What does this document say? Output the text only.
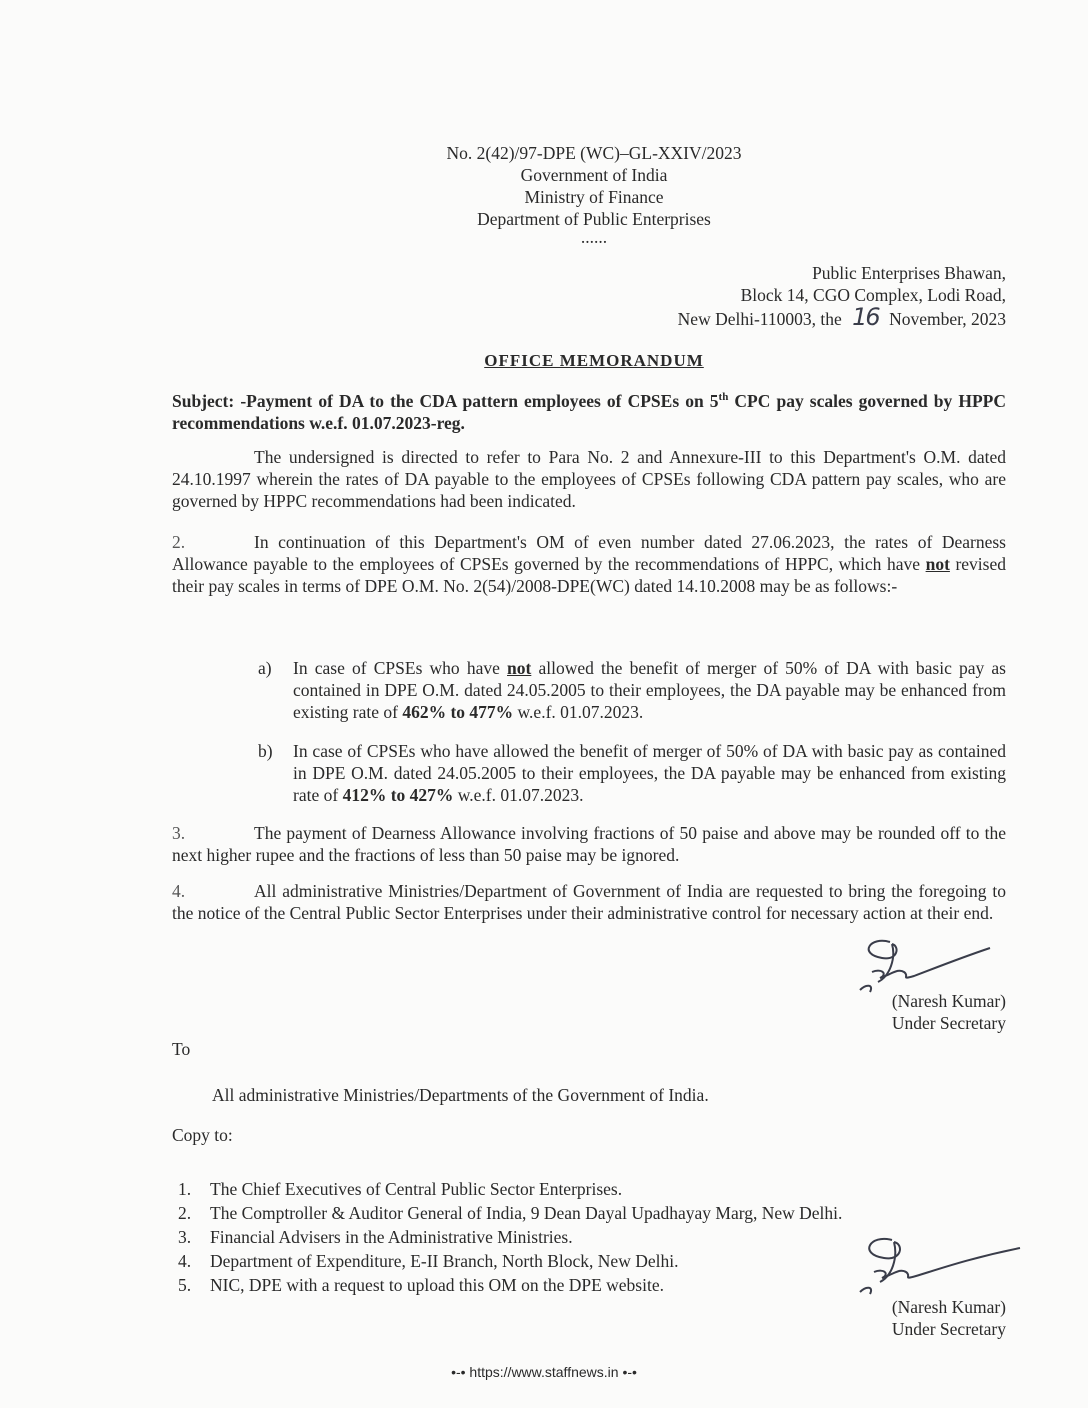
No. 2(42)/97-DPE (WC)–GL-XXIV/2023
Government of India
Ministry of Finance
Department of Public Enterprises
......
Public Enterprises Bhawan,
Block 14, CGO Complex, Lodi Road,
New Delhi-110003, the 16 November, 2023
OFFICE MEMORANDUM
Subject: -Payment of DA to the CDA pattern employees of CPSEs on 5th CPC pay scales governed by HPPC recommendations w.e.f. 01.07.2023-reg.
The undersigned is directed to refer to Para No. 2 and Annexure-III to this Department's O.M. dated 24.10.1997 wherein the rates of DA payable to the employees of CPSEs following CDA pattern pay scales, who are governed by HPPC recommendations had been indicated.
2.	In continuation of this Department's OM of even number dated 27.06.2023, the rates of Dearness Allowance payable to the employees of CPSEs governed by the recommendations of HPPC, which have not revised their pay scales in terms of DPE O.M. No. 2(54)/2008-DPE(WC) dated 14.10.2008 may be as follows:-
a)	In case of CPSEs who have not allowed the benefit of merger of 50% of DA with basic pay as contained in DPE O.M. dated 24.05.2005 to their employees, the DA payable may be enhanced from existing rate of 462% to 477% w.e.f. 01.07.2023.
b)	In case of CPSEs who have allowed the benefit of merger of 50% of DA with basic pay as contained in DPE O.M. dated 24.05.2005 to their employees, the DA payable may be enhanced from existing rate of 412% to 427% w.e.f. 01.07.2023.
3.	The payment of Dearness Allowance involving fractions of 50 paise and above may be rounded off to the next higher rupee and the fractions of less than 50 paise may be ignored.
4.	All administrative Ministries/Department of Government of India are requested to bring the foregoing to the notice of the Central Public Sector Enterprises under their administrative control for necessary action at their end.
(Naresh Kumar)
Under Secretary
To
All administrative Ministries/Departments of the Government of India.
Copy to:
1. The Chief Executives of Central Public Sector Enterprises.
2. The Comptroller & Auditor General of India, 9 Dean Dayal Upadhayay Marg, New Delhi.
3. Financial Advisers in the Administrative Ministries.
4. Department of Expenditure, E-II Branch, North Block, New Delhi.
5. NIC, DPE with a request to upload this OM on the DPE website.
(Naresh Kumar)
Under Secretary
•-• https://www.staffnews.in •-•
